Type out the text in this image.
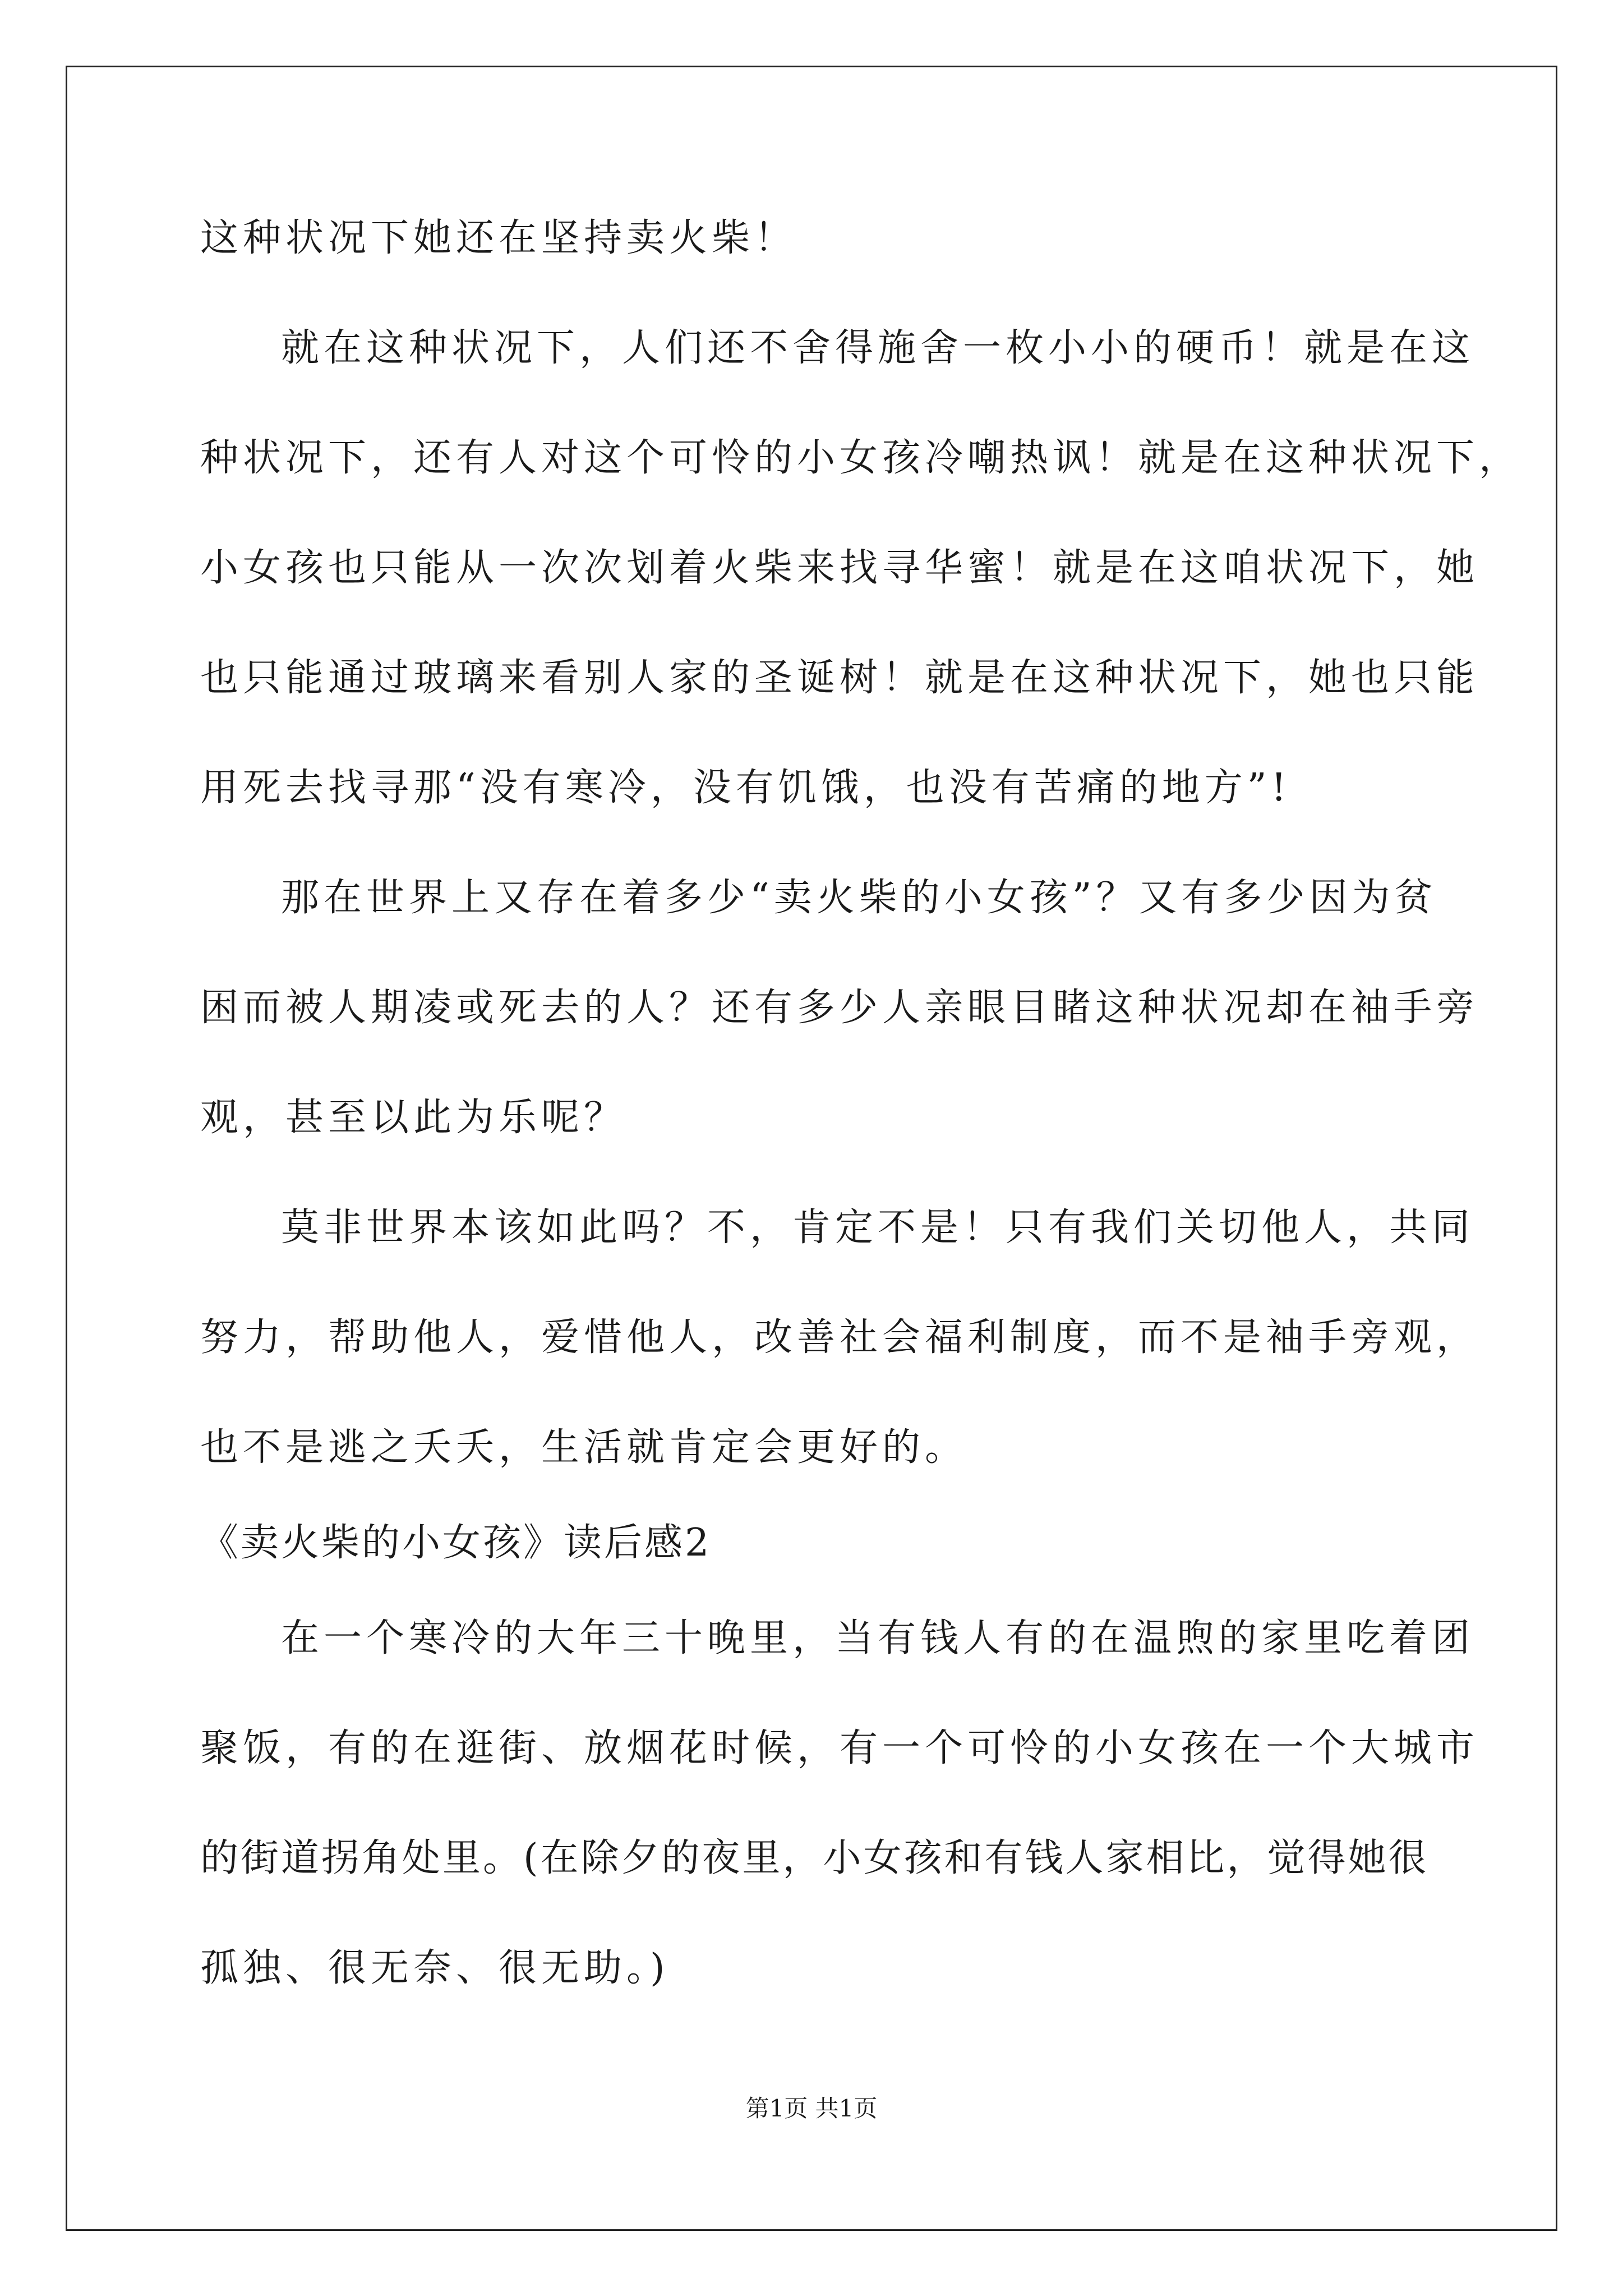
这种状况下她还在坚持卖火柴！
就在这种状况下，人们还不舍得施舍一枚小小的硬币！就是在这
种状况下，还有人对这个可怜的小女孩冷嘲热讽！就是在这种状况下，
小女孩也只能从一次次划着火柴来找寻华蜜！就是在这咱状况下，她
也只能通过玻璃来看别人家的圣诞树！就是在这种状况下，她也只能
用死去找寻那“没有寒冷，没有饥饿，也没有苦痛的地方”!
那在世界上又存在着多少“卖火柴的小女孩”？又有多少因为贫
困而被人期凌或死去的人？还有多少人亲眼目睹这种状况却在袖手旁
观，甚至以此为乐呢？
莫非世界本该如此吗？不，肯定不是！只有我们关切他人，共同
努力，帮助他人，爱惜他人，改善社会福利制度，而不是袖手旁观，
也不是逃之夭夭，生活就肯定会更好的。
《卖火柴的小女孩》读后感2
在一个寒冷的大年三十晚里，当有钱人有的在温煦的家里吃着团
聚饭，有的在逛街、放烟花时候，有一个可怜的小女孩在一个大城市
的街道拐角处里。(在除夕的夜里，小女孩和有钱人家相比，觉得她很
孤独、很无奈、很无助。)
第1页 共1页
